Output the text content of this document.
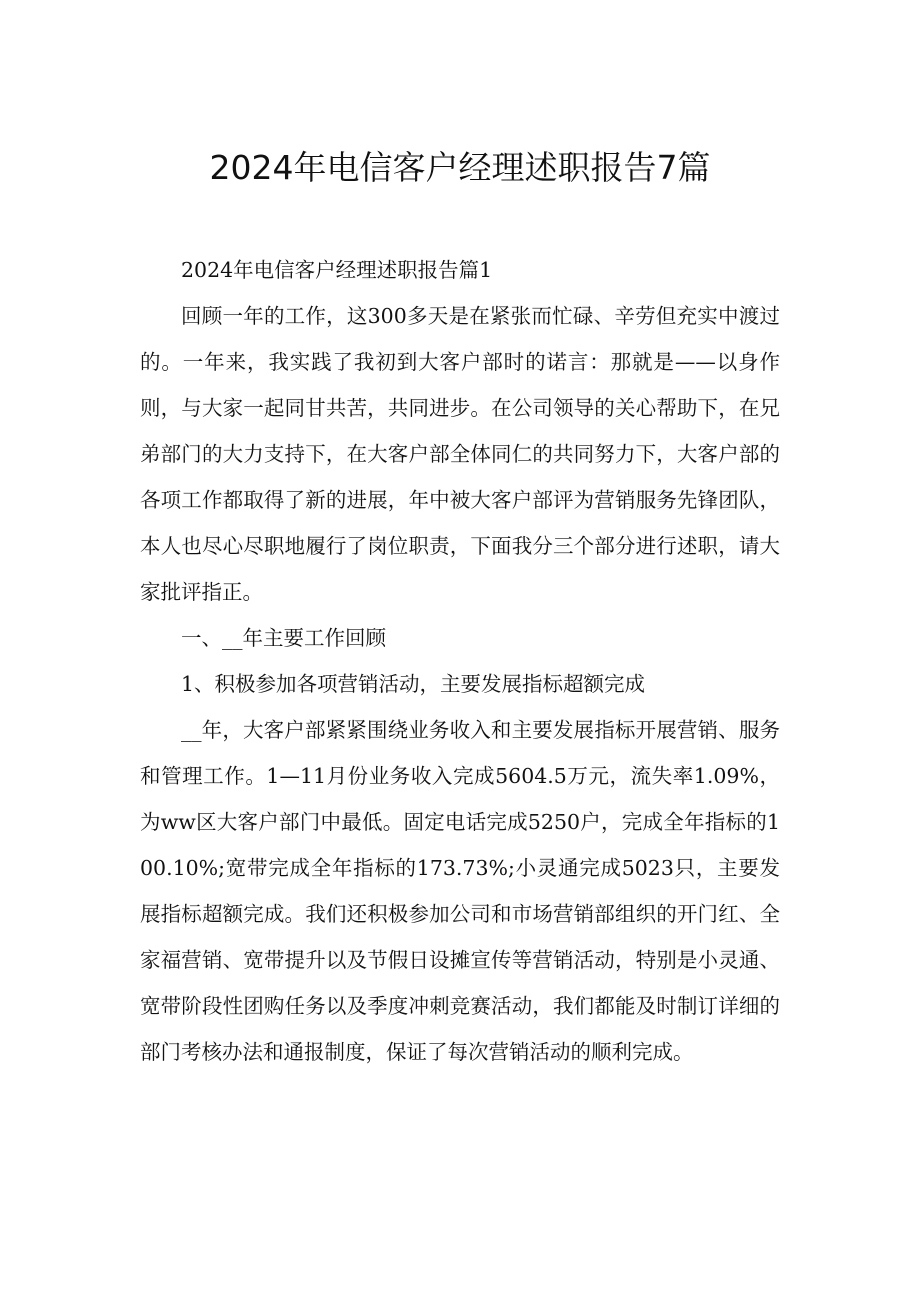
2024年电信客户经理述职报告7篇

2024年电信客户经理述职报告篇1

回顾一年的工作，这300多天是在紧张而忙碌、辛劳但充实中渡过的。一年来，我实践了我初到大客户部时的诺言：那就是——以身作则，与大家一起同甘共苦，共同进步。在公司领导的关心帮助下，在兄弟部门的大力支持下，在大客户部全体同仁的共同努力下，大客户部的各项工作都取得了新的进展，年中被大客户部评为营销服务先锋团队，本人也尽心尽职地履行了岗位职责，下面我分三个部分进行述职，请大家批评指正。

一、__年主要工作回顾

1、积极参加各项营销活动，主要发展指标超额完成

__年，大客户部紧紧围绕业务收入和主要发展指标开展营销、服务和管理工作。1—11月份业务收入完成5604.5万元，流失率1.09%，为ww区大客户部门中最低。固定电话完成5250户，完成全年指标的100.10%;宽带完成全年指标的173.73%;小灵通完成5023只，主要发展指标超额完成。我们还积极参加公司和市场营销部组织的开门红、全家福营销、宽带提升以及节假日设摊宣传等营销活动，特别是小灵通、宽带阶段性团购任务以及季度冲刺竞赛活动，我们都能及时制订详细的部门考核办法和通报制度，保证了每次营销活动的顺利完成。
